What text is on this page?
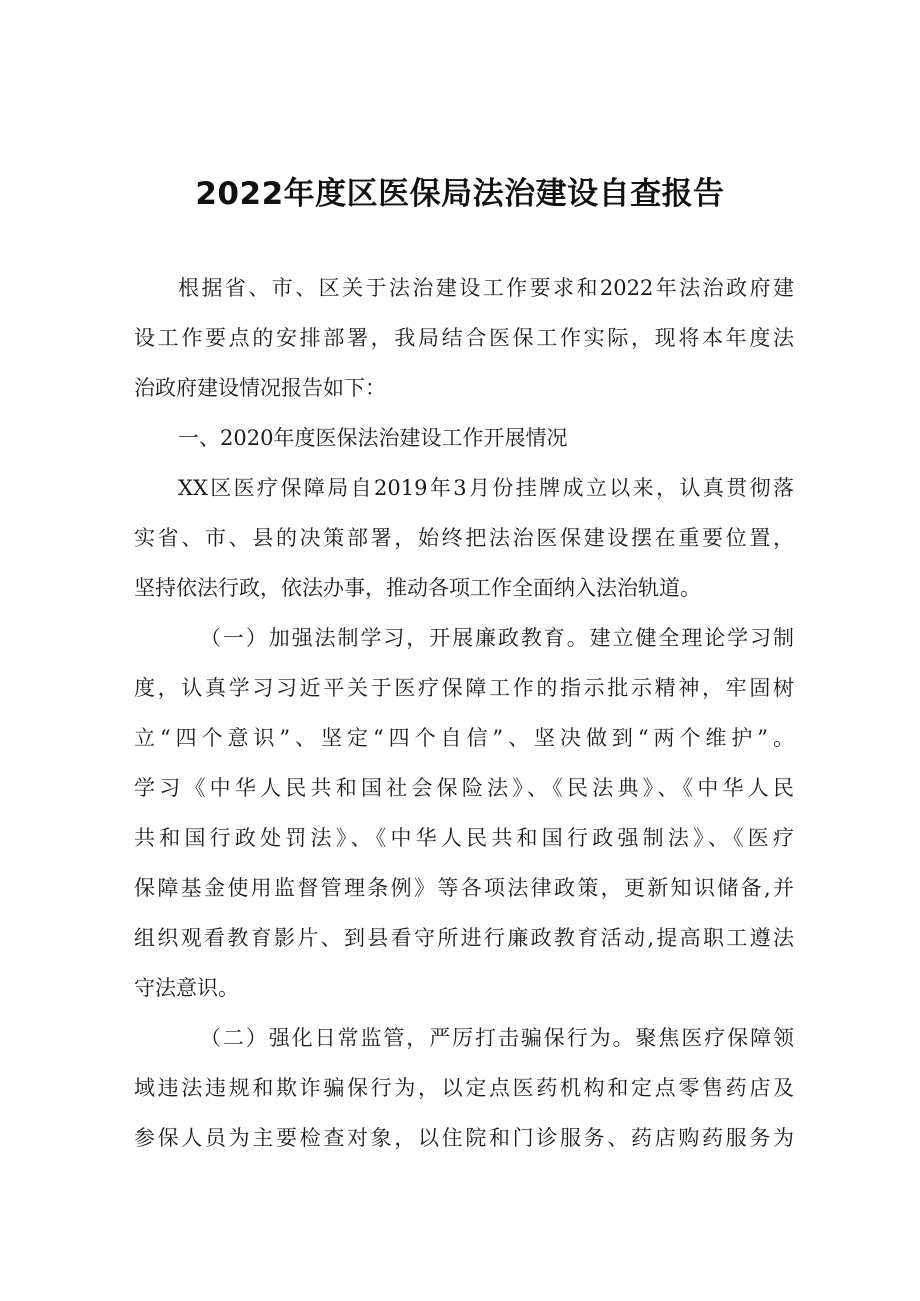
2022年度区医保局法治建设自查报告
根据省、市、区关于法治建设工作要求和2022年法治政府建
设工作要点的安排部署，我局结合医保工作实际，现将本年度法
治政府建设情况报告如下：
一、2020年度医保法治建设工作开展情况
XX区医疗保障局自2019年3月份挂牌成立以来，认真贯彻落
实省、市、县的决策部署，始终把法治医保建设摆在重要位置，
坚持依法行政，依法办事，推动各项工作全面纳入法治轨道。
（一）加强法制学习，开展廉政教育。建立健全理论学习制
度，认真学习习近平关于医疗保障工作的指示批示精神，牢固树
立“四个意识”、坚定“四个自信”、坚决做到“两个维护”。
学习《中华人民共和国社会保险法》、《民法典》、《中华人民
共和国行政处罚法》、《中华人民共和国行政强制法》、《医疗
保障基金使用监督管理条例》等各项法律政策，更新知识储备,并
组织观看教育影片、到县看守所进行廉政教育活动,提高职工遵法
守法意识。
（二）强化日常监管，严厉打击骗保行为。聚焦医疗保障领
域违法违规和欺诈骗保行为，以定点医药机构和定点零售药店及
参保人员为主要检查对象，以住院和门诊服务、药店购药服务为
